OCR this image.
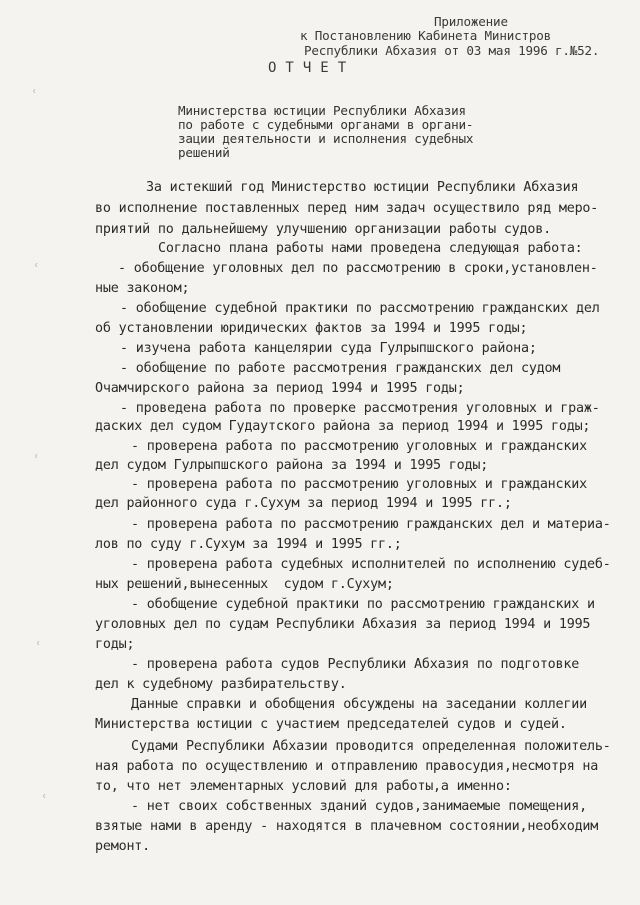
ʿ
ʿ
ʿ
ʿ
ʿ
Приложение
к Постановлению Кабинета Министров
Республики Абхазия от 03 мая 1996 г.№52.
ОТЧЕТ
Министерства юстиции Республики Абхазия
по работе с судебными органами в органи-
зации деятельности и исполнения судебных
решений
За истекший год Министерство юстиции Республики Абхазия
во исполнение поставленных перед ним задач осуществило ряд меро-
приятий по дальнейшему улучшению организации работы судов.
Согласно плана работы нами проведена следующая работа:
- обобщение уголовных дел по рассмотрению в сроки,установлен-
ные законом;
- обобщение судебной практики по рассмотрению гражданских дел
об установлении юридических фактов за 1994 и 1995 годы;
- изучена работа канцелярии суда Гулрыпшского района;
- обобщение по работе рассмотрения гражданских дел судом
Очамчирского района за период 1994 и 1995 годы;
- проведена работа по проверке рассмотрения уголовных и граж-
даских дел судом Гудаутского района за период 1994 и 1995 годы;
- проверена работа по рассмотрению уголовных и гражданских
дел судом Гулрыпшского района за 1994 и 1995 годы;
- проверена работа по рассмотрению уголовных и гражданских
дел районного суда г.Сухум за период 1994 и 1995 гг.;
- проверена работа по рассмотрению гражданских дел и материа-
лов по суду г.Сухум за 1994 и 1995 гг.;
- проверена работа судебных исполнителей по исполнению судеб-
ных решений,вынесенных  судом г.Сухум;
- обобщение судебной практики по рассмотрению гражданских и
уголовных дел по судам Республики Абхазия за период 1994 и 1995
годы;
- проверена работа судов Республики Абхазия по подготовке
дел к судебному разбирательству.
Данные справки и обобщения обсуждены на заседании коллегии
Министерства юстиции с участием председателей судов и судей.
Судами Республики Абхазии проводится определенная положитель-
ная работа по осуществлению и отправлению правосудия,несмотря на
то, что нет элементарных условий для работы,а именно:
- нет своих собственных зданий судов,занимаемые помещения,
взятые нами в аренду - находятся в плачевном состоянии,необходим
ремонт.
